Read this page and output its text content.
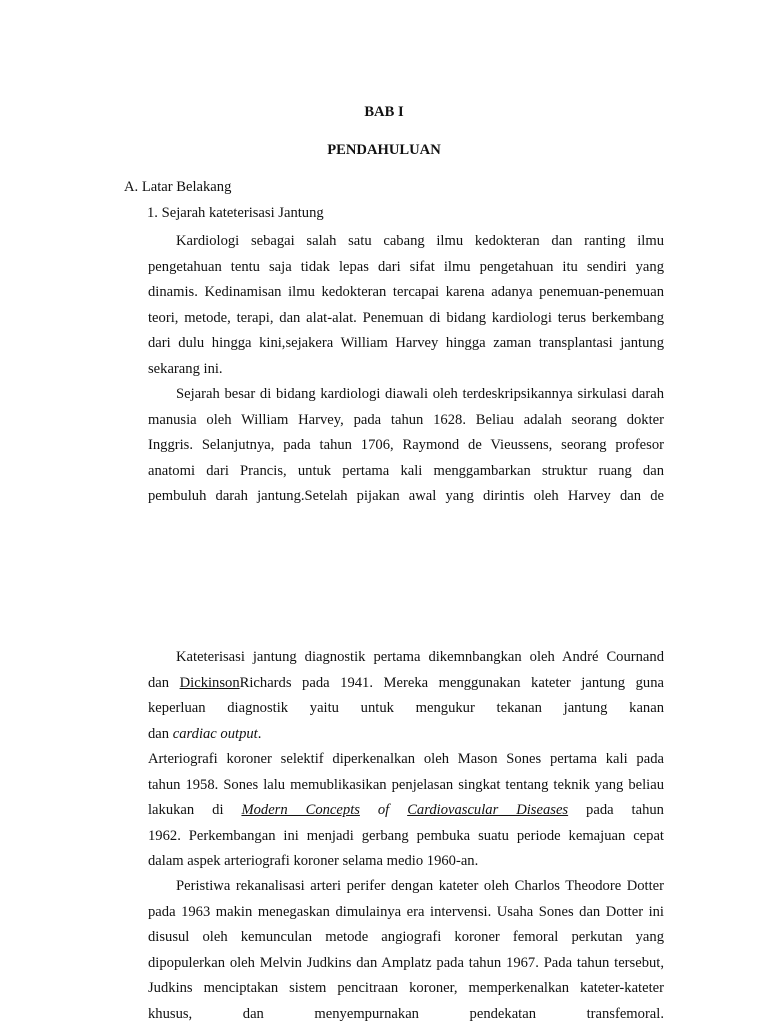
BAB I
PENDAHULUAN
A. Latar Belakang
1. Sejarah kateterisasi Jantung
Kardiologi sebagai salah satu cabang ilmu kedokteran dan ranting ilmu
pengetahuan tentu saja tidak lepas dari sifat ilmu pengetahuan itu sendiri yang
dinamis. Kedinamisan ilmu kedokteran tercapai karena adanya penemuan-penemuan
teori, metode, terapi, dan alat-alat. Penemuan di bidang kardiologi terus berkembang
dari dulu hingga kini,sejakera William Harvey hingga zaman transplantasi jantung
sekarang ini.
Sejarah besar di bidang kardiologi diawali oleh terdeskripsikannya sirkulasi darah
manusia oleh William Harvey, pada tahun 1628. Beliau adalah seorang dokter
Inggris. Selanjutnya, pada tahun 1706, Raymond de Vieussens, seorang profesor
anatomi dari Prancis, untuk pertama kali menggambarkan struktur ruang dan
pembuluh darah jantung.Setelah pijakan awal yang dirintis oleh Harvey dan de
Kateterisasi jantung diagnostik pertama dikemnbangkan oleh André Cournand
dan DickinsonRichards pada 1941. Mereka menggunakan kateter jantung guna
keperluan diagnostik yaitu untuk mengukur tekanan jantung kanan
dan cardiac output.
Arteriografi koroner selektif diperkenalkan oleh Mason Sones pertama kali pada
tahun 1958. Sones lalu memublikasikan penjelasan singkat tentang teknik yang beliau
lakukan di Modern Concepts of Cardiovascular Diseases pada tahun
1962. Perkembangan ini menjadi gerbang pembuka suatu periode kemajuan cepat
dalam aspek arteriografi koroner selama medio 1960-an.
Peristiwa rekanalisasi arteri perifer dengan kateter oleh Charlos Theodore Dotter
pada 1963 makin menegaskan dimulainya era intervensi. Usaha Sones dan Dotter ini
disusul oleh kemunculan metode angiografi koroner femoral perkutan yang
dipopulerkan oleh Melvin Judkins dan Amplatz pada tahun 1967. Pada tahun tersebut,
Judkins menciptakan sistem pencitraan koroner, memperkenalkan kateter-kateter
khusus, dan menyempurnakan pendekatan transfemoral.
